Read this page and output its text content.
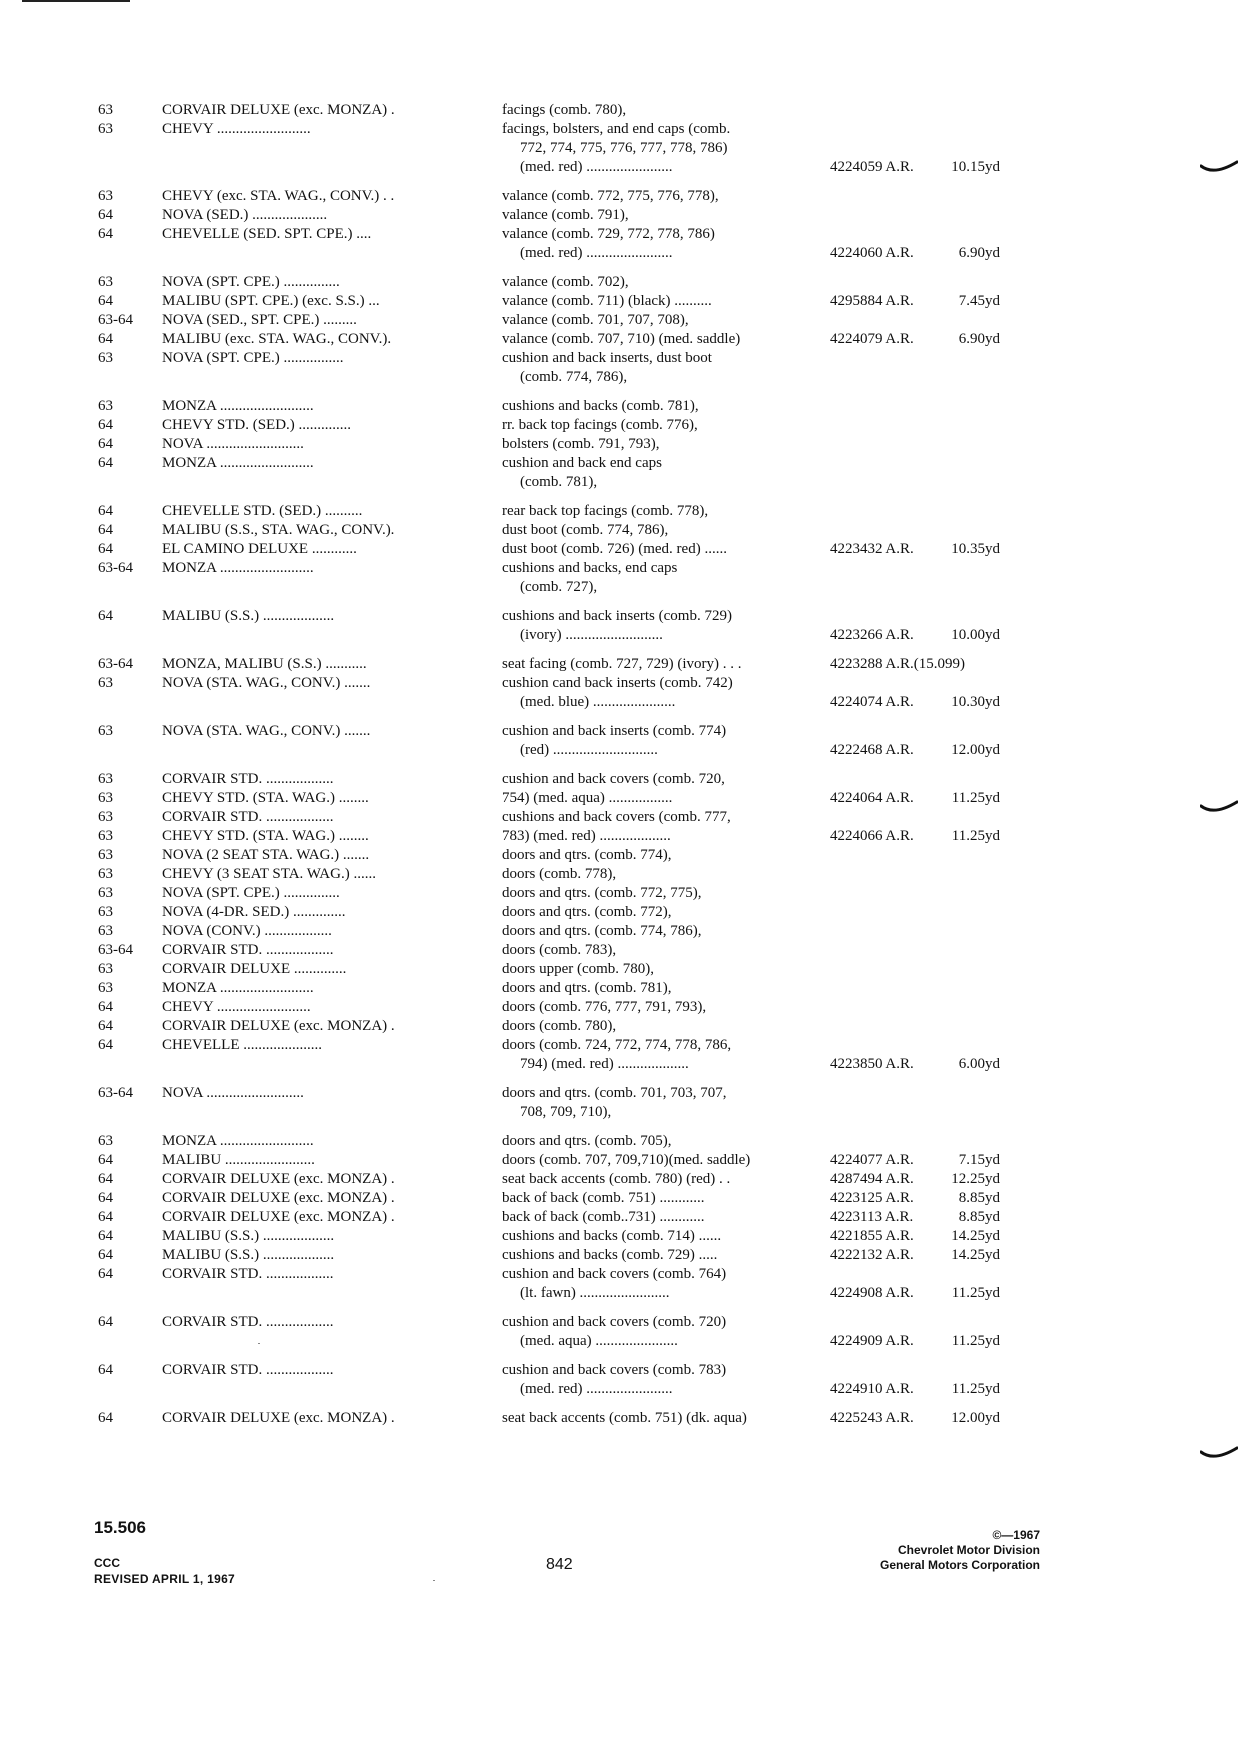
63	CORVAIR DELUXE (exc. MONZA) .	facings (comb. 780),
63	CHEVY .........................	facings, bolsters, and end caps (comb.
772, 774, 775, 776, 777, 778, 786)
(med. red) .......................	4224059 A.R.	10.15yd
63	CHEVY (exc. STA. WAG., CONV.) . .	valance (comb. 772, 775, 776, 778),
64	NOVA (SED.) ....................	valance (comb. 791),
64	CHEVELLE (SED. SPT. CPE.) ....	valance (comb. 729, 772, 778, 786)
(med. red) .......................	4224060 A.R.	6.90yd
63	NOVA (SPT. CPE.) ...............	valance (comb. 702),
64	MALIBU (SPT. CPE.) (exc. S.S.) ...	valance (comb. 711) (black) ..........	4295884 A.R.	7.45yd
63-64	NOVA (SED., SPT. CPE.) .........	valance (comb. 701, 707, 708),
64	MALIBU (exc. STA. WAG., CONV.).	valance (comb. 707, 710) (med. saddle)	4224079 A.R.	6.90yd
63	NOVA (SPT. CPE.) ................	cushion and back inserts, dust boot
(comb. 774, 786),
63	MONZA .........................	cushions and backs (comb. 781),
64	CHEVY STD. (SED.) ..............	rr. back top facings (comb. 776),
64	NOVA ..........................	bolsters (comb. 791, 793),
64	MONZA .........................	cushion and back end caps
(comb. 781),
64	CHEVELLE STD. (SED.) ..........	rear back top facings (comb. 778),
64	MALIBU (S.S., STA. WAG., CONV.).	dust boot (comb. 774, 786),
64	EL CAMINO DELUXE ............	dust boot (comb. 726) (med. red) ......	4223432 A.R.	10.35yd
63-64	MONZA .........................	cushions and backs, end caps
(comb. 727),
64	MALIBU (S.S.) ...................	cushions and back inserts (comb. 729)
(ivory) ..........................	4223266 A.R.	10.00yd
63-64	MONZA, MALIBU (S.S.) ...........	seat facing (comb. 727, 729) (ivory) . . .	4223288 A.R.(15.099)
63	NOVA (STA. WAG., CONV.) .......	cushion cand back inserts (comb. 742)
(med. blue) ......................	4224074 A.R.	10.30yd
63	NOVA (STA. WAG., CONV.) .......	cushion and back inserts (comb. 774)
(red) ............................	4222468 A.R.	12.00yd
63	CORVAIR STD. ..................	cushion and back covers (comb. 720,
63	CHEVY STD. (STA. WAG.) ........	754) (med. aqua) .................	4224064 A.R.	11.25yd
63	CORVAIR STD. ..................	cushions and back covers (comb. 777,
63	CHEVY STD. (STA. WAG.) ........	783) (med. red) ...................	4224066 A.R.	11.25yd
63	NOVA (2 SEAT STA. WAG.) .......	doors and qtrs. (comb. 774),
63	CHEVY (3 SEAT STA. WAG.) ......	doors (comb. 778),
63	NOVA (SPT. CPE.) ...............	doors and qtrs. (comb. 772, 775),
63	NOVA (4-DR. SED.) ..............	doors and qtrs. (comb. 772),
63	NOVA (CONV.) ..................	doors and qtrs. (comb. 774, 786),
63-64	CORVAIR STD. ..................	doors (comb. 783),
63	CORVAIR DELUXE ..............	doors upper (comb. 780),
63	MONZA .........................	doors and qtrs. (comb. 781),
64	CHEVY .........................	doors (comb. 776, 777, 791, 793),
64	CORVAIR DELUXE (exc. MONZA) .	doors (comb. 780),
64	CHEVELLE .....................	doors (comb. 724, 772, 774, 778, 786,
794) (med. red) ...................	4223850 A.R.	6.00yd
63-64	NOVA ..........................	doors and qtrs. (comb. 701, 703, 707,
708, 709, 710),
63	MONZA .........................	doors and qtrs. (comb. 705),
64	MALIBU ........................	doors (comb. 707, 709,710)(med. saddle)	4224077 A.R.	7.15yd
64	CORVAIR DELUXE (exc. MONZA) .	seat back accents (comb. 780) (red) . .	4287494 A.R.	12.25yd
64	CORVAIR DELUXE (exc. MONZA) .	back of back (comb. 751) ............	4223125 A.R.	8.85yd
64	CORVAIR DELUXE (exc. MONZA) .	back of back (comb..731) ............	4223113 A.R.	8.85yd
64	MALIBU (S.S.) ...................	cushions and backs (comb. 714) ......	4221855 A.R.	14.25yd
64	MALIBU (S.S.) ...................	cushions and backs (comb. 729) .....	4222132 A.R.	14.25yd
64	CORVAIR STD. ..................	cushion and back covers (comb. 764)
(lt. fawn) ........................	4224908 A.R.	11.25yd
64	CORVAIR STD. ..................	cushion and back covers (comb. 720)
(med. aqua) ......................	4224909 A.R.	11.25yd
64	CORVAIR STD. ..................	cushion and back covers (comb. 783)
(med. red) .......................	4224910 A.R.	11.25yd
64	CORVAIR DELUXE (exc. MONZA) .	seat back accents (comb. 751) (dk. aqua)	4225243 A.R.	12.00yd
15.506
CCC
REVISED APRIL 1, 1967
842
©—1967
Chevrolet Motor Division
General Motors Corporation
